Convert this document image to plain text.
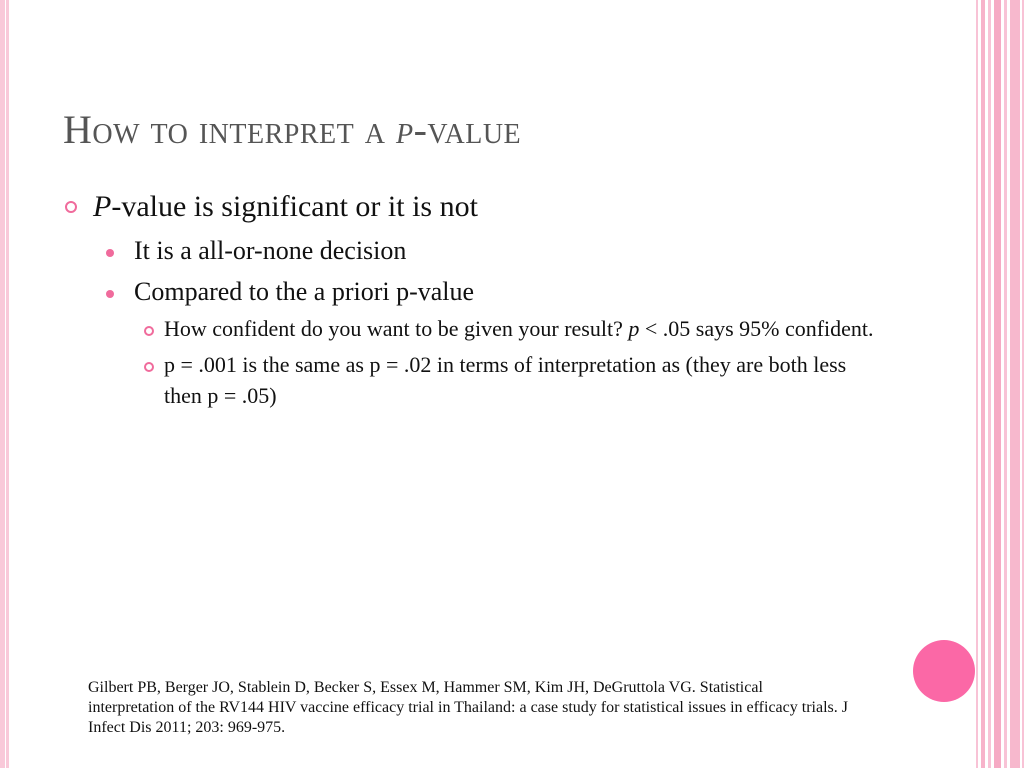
How to interpret a p-value
P-value is significant or it is not
It is a all-or-none decision
Compared to the a priori p-value
How confident do you want to be given your result? p < .05 says 95% confident.
p = .001 is the same as p = .02 in terms of interpretation as (they are both less then p = .05)
Gilbert PB, Berger JO, Stablein D, Becker S, Essex M, Hammer SM, Kim JH, DeGruttola VG. Statistical interpretation of the RV144 HIV vaccine efficacy trial in Thailand: a case study for statistical issues in efficacy trials. J Infect Dis 2011; 203: 969-975.
